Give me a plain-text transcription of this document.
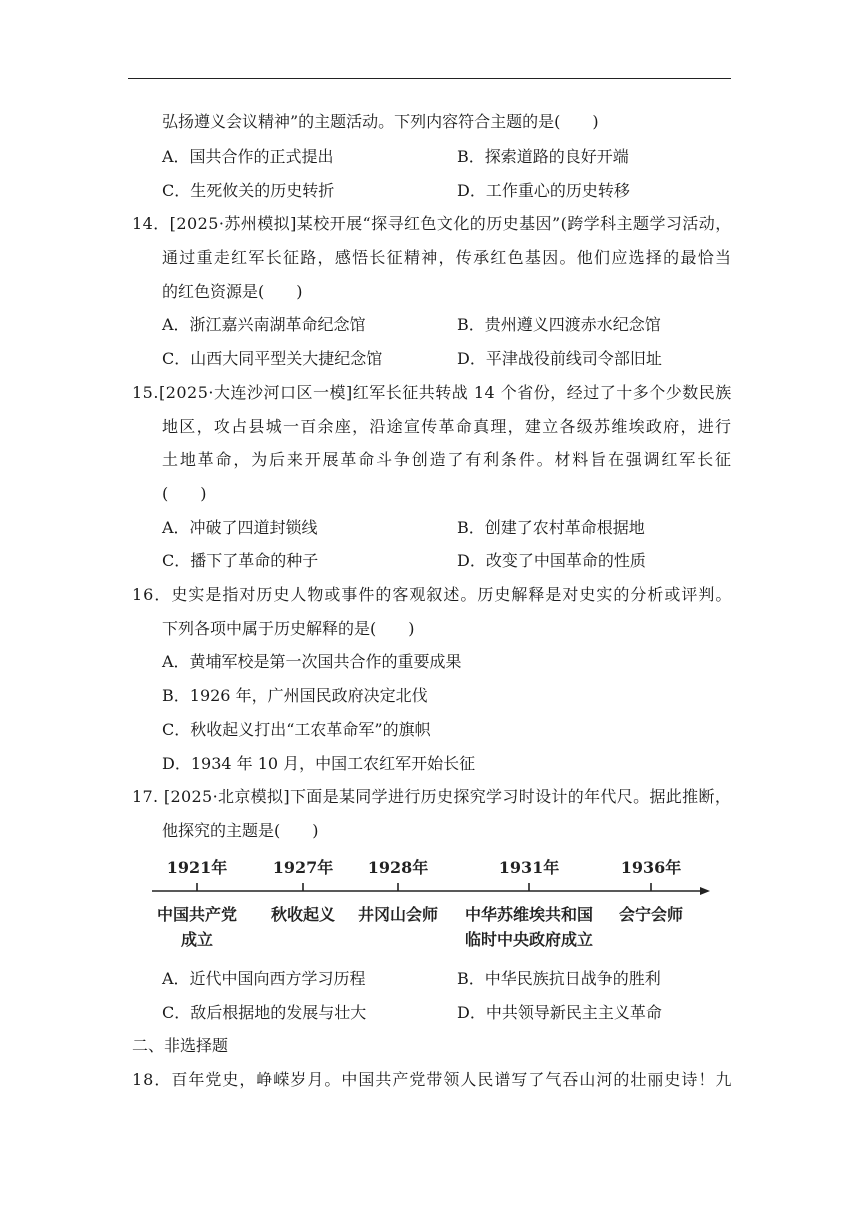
弘扬遵义会议精神”的主题活动。下列内容符合主题的是(　　)
A．国共合作的正式提出	B．探索道路的良好开端
C．生死攸关的历史转折	D．工作重心的历史转移
14．[2025·苏州模拟]某校开展“探寻红色文化的历史基因”(跨学科主题学习活动，
通过重走红军长征路，感悟长征精神，传承红色基因。他们应选择的最恰当
的红色资源是(　　)
A．浙江嘉兴南湖革命纪念馆	B．贵州遵义四渡赤水纪念馆
C．山西大同平型关大捷纪念馆	D．平津战役前线司令部旧址
15.[2025·大连沙河口区一模]红军长征共转战 14 个省份，经过了十多个少数民族
地区，攻占县城一百余座，沿途宣传革命真理，建立各级苏维埃政府，进行
土地革命，为后来开展革命斗争创造了有利条件。材料旨在强调红军长征
(　　)
A．冲破了四道封锁线	B．创建了农村革命根据地
C．播下了革命的种子	D．改变了中国革命的性质
16．史实是指对历史人物或事件的客观叙述。历史解释是对史实的分析或评判。
下列各项中属于历史解释的是(　　)
A．黄埔军校是第一次国共合作的重要成果
B．1926 年，广州国民政府决定北伐
C．秋收起义打出“工农革命军”的旗帜
D．1934 年 10 月，中国工农红军开始长征
17. [2025·北京模拟]下面是某同学进行历史探究学习时设计的年代尺。据此推断，
他探究的主题是(　　)
1921年	1927年 1928年	1931年	1936年
中国共产党
成立
秋收起义 井冈山会师 中华苏维埃共和国
临时中央政府成立
会宁会师
A．近代中国向西方学习历程	B．中华民族抗日战争的胜利
C．敌后根据地的发展与壮大	D．中共领导新民主主义革命
二、非选择题
18．百年党史，峥嵘岁月。中国共产党带领人民谱写了气吞山河的壮丽史诗！九
